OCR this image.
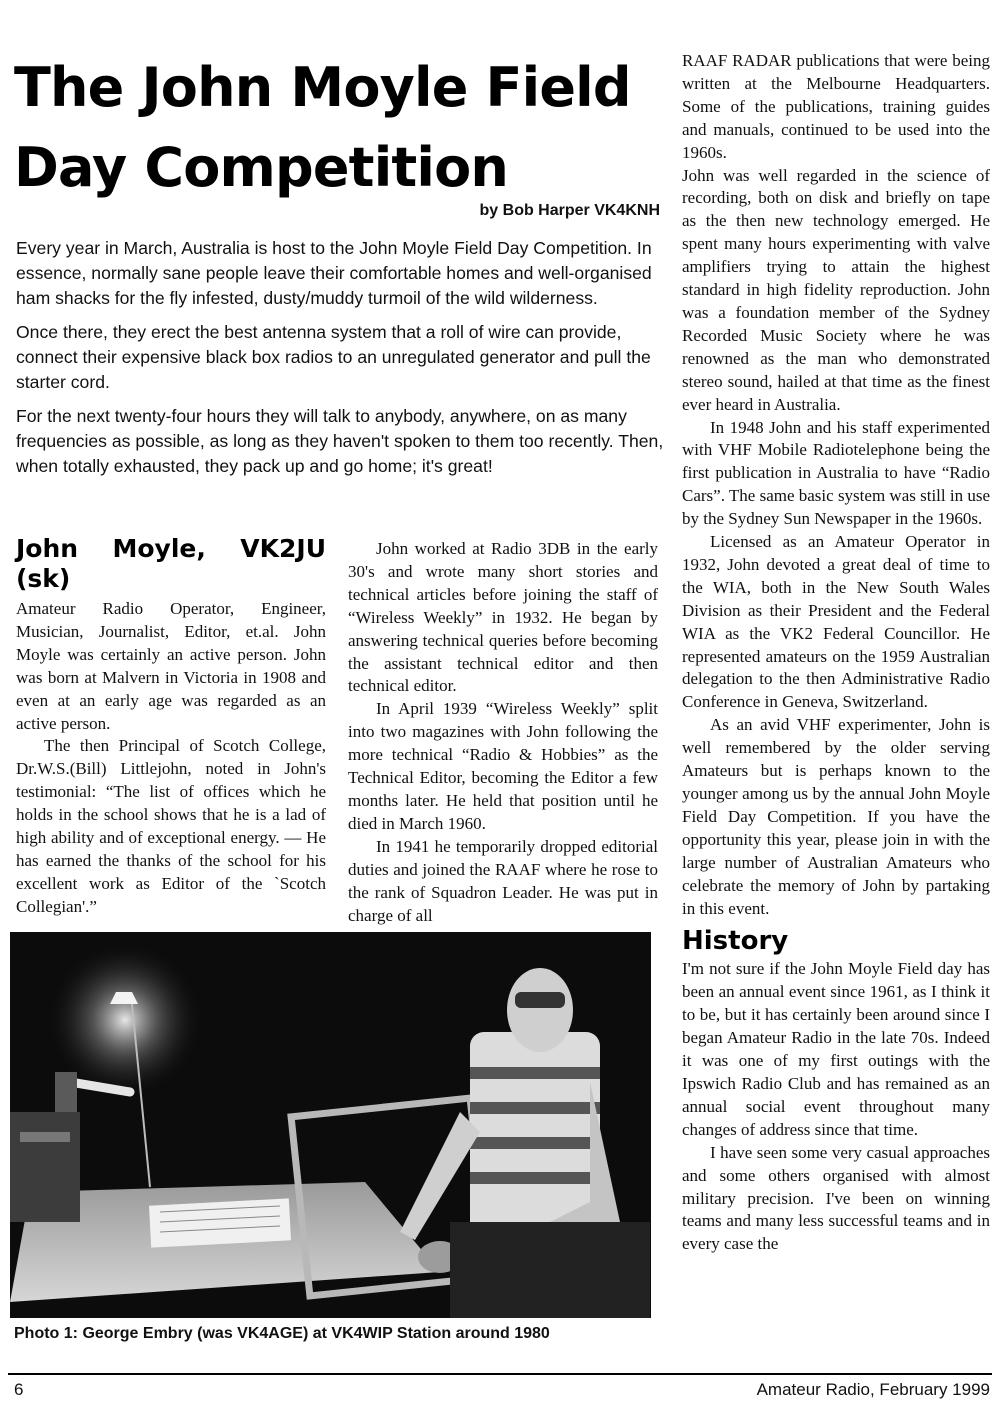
The John Moyle Field
Day Competition
by Bob Harper VK4KNH

Every year in March, Australia is host to the John Moyle Field Day Competition. In essence, normally sane people leave their comfortable homes and well-organised ham shacks for the fly infested, dusty/muddy turmoil of the wild wilderness.

Once there, they erect the best antenna system that a roll of wire can provide, connect their expensive black box radios to an unregulated generator and pull the starter cord.

For the next twenty-four hours they will talk to anybody, anywhere, on as many frequencies as possible, as long as they haven't spoken to them too recently. Then, when totally exhausted, they pack up and go home; it's great!

John Moyle, VK2JU (sk)

Amateur Radio Operator, Engineer, Musician, Journalist, Editor, et.al. John Moyle was certainly an active person. John was born at Malvern in Victoria in 1908 and even at an early age was regarded as an active person.

The then Principal of Scotch College, Dr.W.S.(Bill) Littlejohn, noted in John's testimonial: “The list of offices which he holds in the school shows that he is a lad of high ability and of exceptional energy. — He has earned the thanks of the school for his excellent work as Editor of the `Scotch Collegian'.”

John worked at Radio 3DB in the early 30's and wrote many short stories and technical articles before joining the staff of “Wireless Weekly” in 1932. He began by answering technical queries before becoming the assistant technical editor and then technical editor.

In April 1939 “Wireless Weekly” split into two magazines with John following the more technical “Radio & Hobbies” as the Technical Editor, becoming the Editor a few months later. He held that position until he died in March 1960.

In 1941 he temporarily dropped editorial duties and joined the RAAF where he rose to the rank of Squadron Leader. He was put in charge of all

RAAF RADAR publications that were being written at the Melbourne Headquarters. Some of the publications, training guides and manuals, continued to be used into the 1960s.

John was well regarded in the science of recording, both on disk and briefly on tape as the then new technology emerged. He spent many hours experimenting with valve amplifiers trying to attain the highest standard in high fidelity reproduction. John was a foundation member of the Sydney Recorded Music Society where he was renowned as the man who demonstrated stereo sound, hailed at that time as the finest ever heard in Australia.

In 1948 John and his staff experimented with VHF Mobile Radiotelephone being the first publication in Australia to have “Radio Cars”. The same basic system was still in use by the Sydney Sun Newspaper in the 1960s.

Licensed as an Amateur Operator in 1932, John devoted a great deal of time to the WIA, both in the New South Wales Division as their President and the Federal WIA as the VK2 Federal Councillor. He represented amateurs on the 1959 Australian delegation to the then Administrative Radio Conference in Geneva, Switzerland.

As an avid VHF experimenter, John is well remembered by the older serving Amateurs but is perhaps known to the younger among us by the annual John Moyle Field Day Competition. If you have the opportunity this year, please join in with the large number of Australian Amateurs who celebrate the memory of John by partaking in this event.

History

I'm not sure if the John Moyle Field day has been an annual event since 1961, as I think it to be, but it has certainly been around since I began Amateur Radio in the late 70s. Indeed it was one of my first outings with the Ipswich Radio Club and has remained as an annual social event throughout many changes of address since that time.

I have seen some very casual approaches and some others organised with almost military precision. I've been on winning teams and many less successful teams and in every case the

Photo 1: George Embry (was VK4AGE) at VK4WIP Station around 1980
6	Amateur Radio, February 1999
